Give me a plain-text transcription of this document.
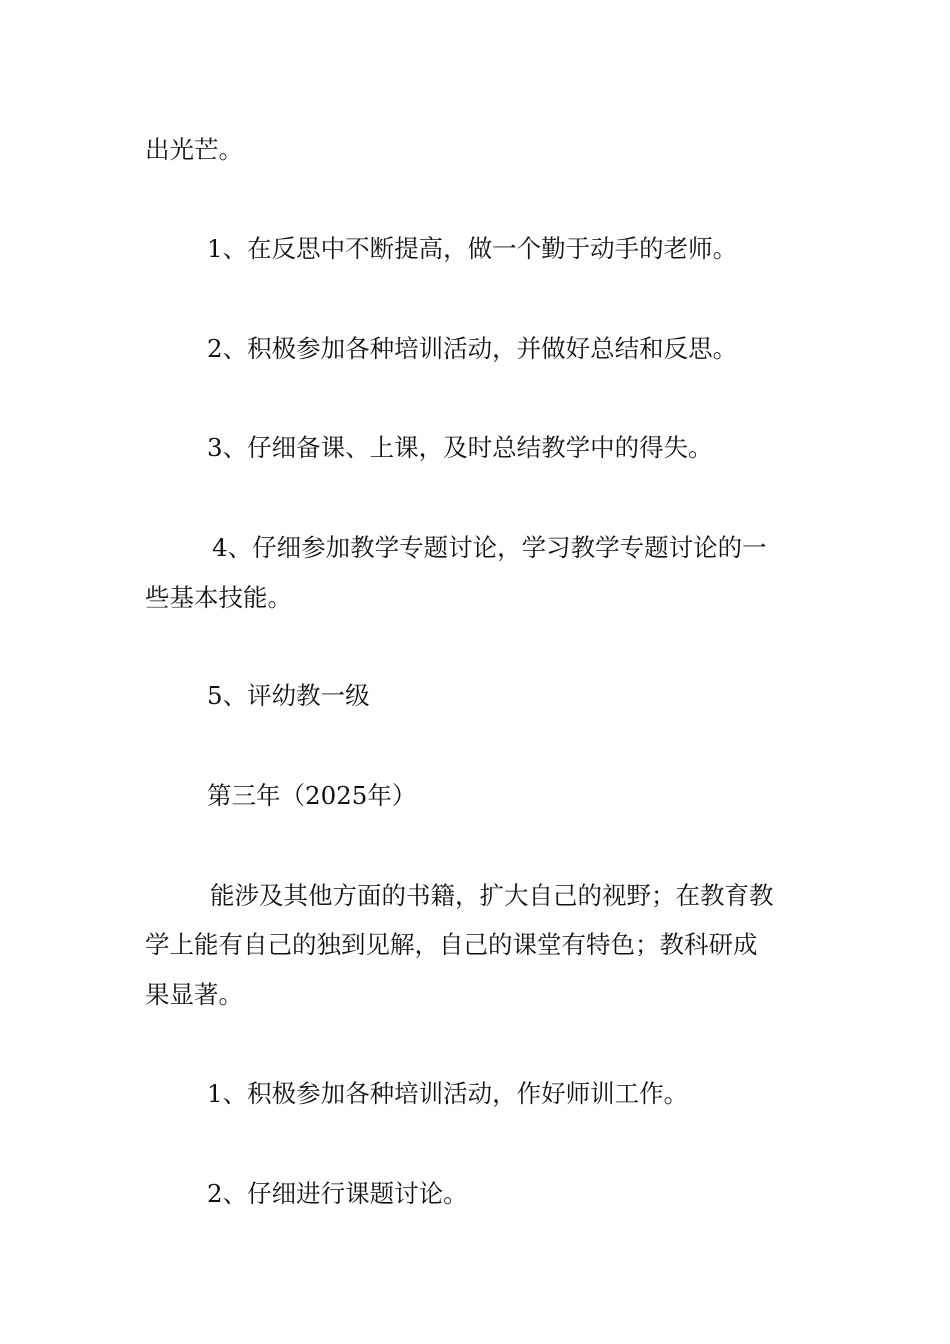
出光芒。
1、在反思中不断提高，做一个勤于动手的老师。
2、积极参加各种培训活动，并做好总结和反思。
3、仔细备课、上课，及时总结教学中的得失。
4、仔细参加教学专题讨论，学习教学专题讨论的一
些基本技能。
5、评幼教一级
第三年（2025年）
能涉及其他方面的书籍，扩大自己的视野；在教育教
学上能有自己的独到见解，自己的课堂有特色；教科研成
果显著。
1、积极参加各种培训活动，作好师训工作。
2、仔细进行课题讨论。
